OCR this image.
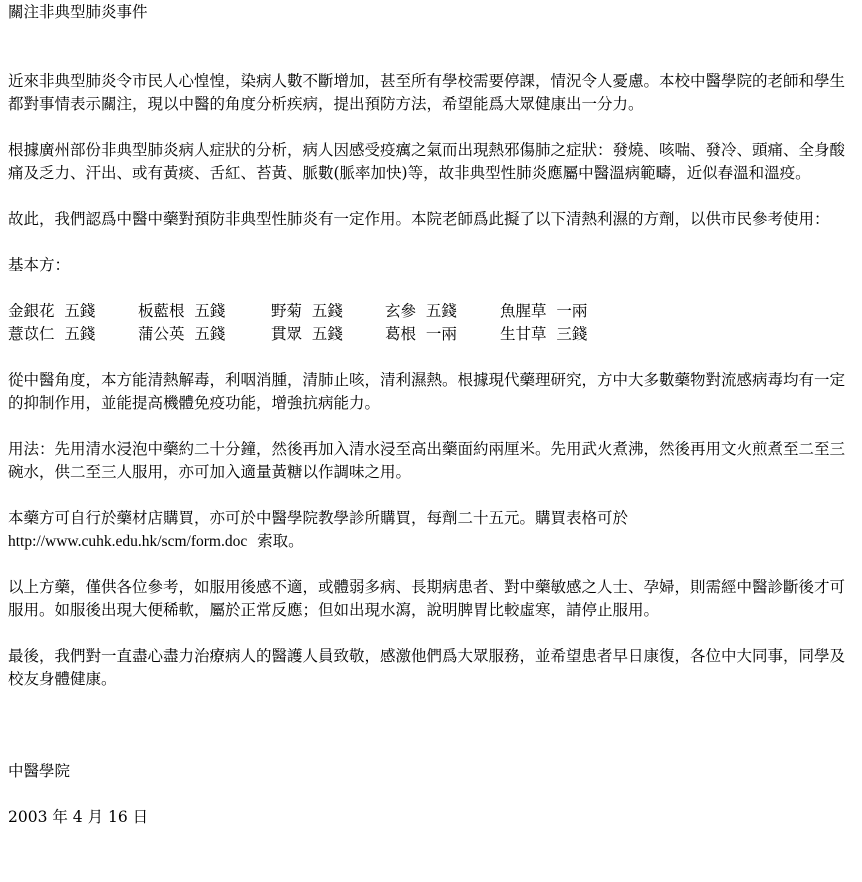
關注非典型肺炎事件

近來非典型肺炎令市民人心惶惶，染病人數不斷增加，甚至所有學校需要停課，情況令人憂慮。本校中醫學院的老師和學生都對事情表示關注，現以中醫的角度分析疾病，提出預防方法，希望能爲大眾健康出一分力。

根據廣州部份非典型肺炎病人症狀的分析，病人因感受疫癘之氣而出現熱邪傷肺之症狀：發燒、咳喘、發冷、頭痛、全身酸痛及乏力、汗出、或有黃痰、舌紅、苔黃、脈數(脈率加快)等，故非典型性肺炎應屬中醫溫病範疇，近似春溫和溫疫。

故此，我們認爲中醫中藥對預防非典型性肺炎有一定作用。本院老師爲此擬了以下清熱利濕的方劑，以供市民參考使用：

基本方：

金銀花  五錢	板藍根  五錢	野菊  五錢	玄參  五錢	魚腥草  一兩
薏苡仁  五錢	蒲公英  五錢	貫眾  五錢	葛根  一兩	生甘草  三錢

從中醫角度，本方能清熱解毒，利咽消腫，清肺止咳，清利濕熱。根據現代藥理研究，方中大多數藥物對流感病毒均有一定的抑制作用，並能提高機體免疫功能，增強抗病能力。

用法：先用清水浸泡中藥約二十分鐘，然後再加入清水浸至高出藥面約兩厘米。先用武火煮沸，然後再用文火煎煮至二至三碗水，供二至三人服用，亦可加入適量黃糖以作調味之用。

本藥方可自行於藥材店購買，亦可於中醫學院教學診所購買，每劑二十五元。購買表格可於
http://www.cuhk.edu.hk/scm/form.doc  索取。

以上方藥，僅供各位參考，如服用後感不適，或體弱多病、長期病患者、對中藥敏感之人士、孕婦，則需經中醫診斷後才可服用。如服後出現大便稀軟，屬於正常反應；但如出現水瀉，說明脾胃比較虛寒，請停止服用。

最後，我們對一直盡心盡力治療病人的醫護人員致敬，感激他們爲大眾服務，並希望患者早日康復，各位中大同事，同學及校友身體健康。

中醫學院

2003 年 4 月 16 日
